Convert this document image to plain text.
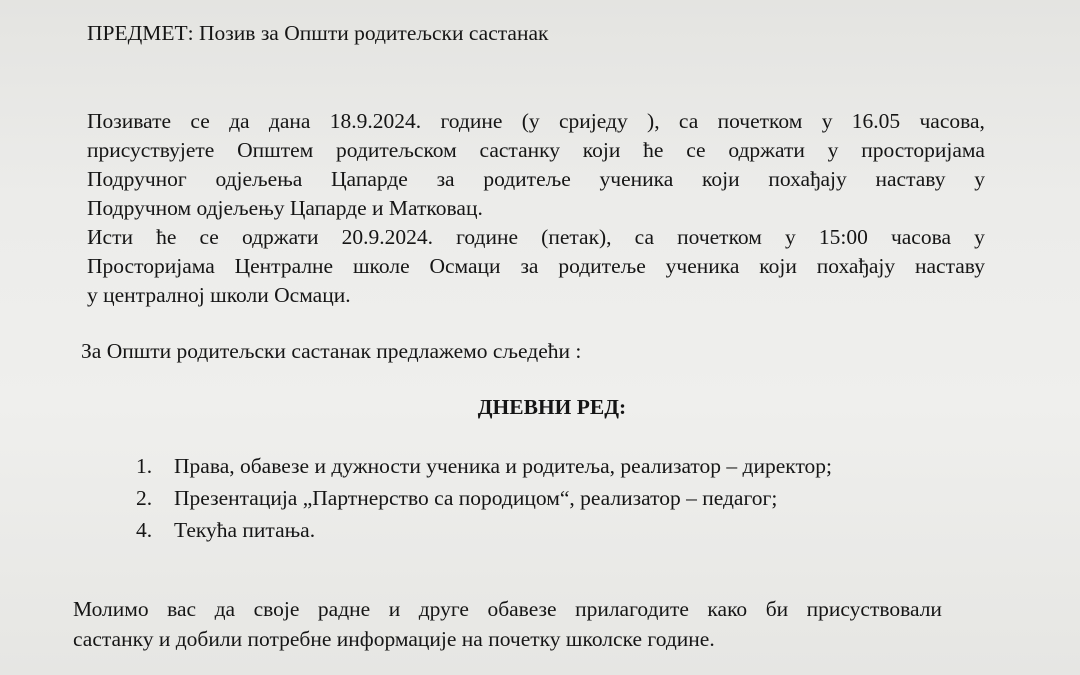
ПРЕДМЕТ: Позив за Општи родитељски састанак
Позивате се да дана 18.9.2024. године (у сриједу ), са почетком у 16.05 часова,
присуствујете Општем родитељском састанку који ће се одржати у просторијама
Подручног одјељења Цапарде за родитеље ученика који похађају наставу у
Подручном одјељењу Цапарде и Матковац.
Исти ће се одржати 20.9.2024. године (петак), са почетком у 15:00 часова у
Просторијама Централне школе Осмаци за родитеље ученика који похађају наставу
у централној школи Осмаци.
За Општи родитељски састанак предлажемо сљедећи :
ДНЕВНИ РЕД:
1.	Права, обавезе и дужности ученика и родитеља, реализатор – директор;
2.	Презентација „Партнерство са породицом“, реализатор – педагог;
4.	Текућа питања.
Молимо вас да своје радне и друге обавезе прилагодите како би присуствовали
састанку и добили потребне информације на почетку школске године.
